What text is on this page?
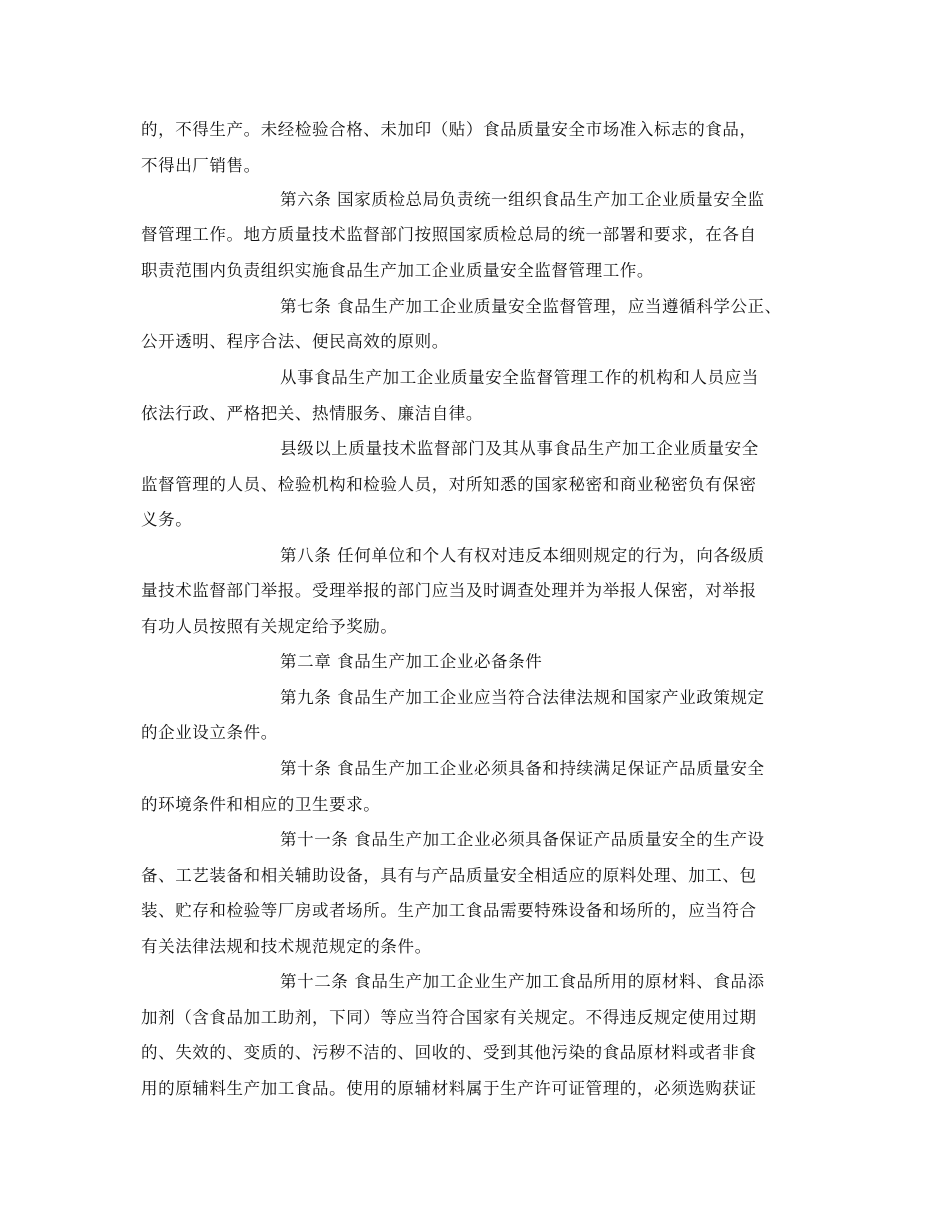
的，不得生产。未经检验合格、未加印（贴）食品质量安全市场准入标志的食品，
不得出厂销售。
第六条 国家质检总局负责统一组织食品生产加工企业质量安全监
督管理工作。地方质量技术监督部门按照国家质检总局的统一部署和要求，在各自
职责范围内负责组织实施食品生产加工企业质量安全监督管理工作。
第七条 食品生产加工企业质量安全监督管理，应当遵循科学公正、
公开透明、程序合法、便民高效的原则。
从事食品生产加工企业质量安全监督管理工作的机构和人员应当
依法行政、严格把关、热情服务、廉洁自律。
县级以上质量技术监督部门及其从事食品生产加工企业质量安全
监督管理的人员、检验机构和检验人员，对所知悉的国家秘密和商业秘密负有保密
义务。
第八条 任何单位和个人有权对违反本细则规定的行为，向各级质
量技术监督部门举报。受理举报的部门应当及时调查处理并为举报人保密，对举报
有功人员按照有关规定给予奖励。
第二章 食品生产加工企业必备条件
第九条 食品生产加工企业应当符合法律法规和国家产业政策规定
的企业设立条件。
第十条 食品生产加工企业必须具备和持续满足保证产品质量安全
的环境条件和相应的卫生要求。
第十一条 食品生产加工企业必须具备保证产品质量安全的生产设
备、工艺装备和相关辅助设备，具有与产品质量安全相适应的原料处理、加工、包
装、贮存和检验等厂房或者场所。生产加工食品需要特殊设备和场所的，应当符合
有关法律法规和技术规范规定的条件。
第十二条 食品生产加工企业生产加工食品所用的原材料、食品添
加剂（含食品加工助剂，下同）等应当符合国家有关规定。不得违反规定使用过期
的、失效的、变质的、污秽不洁的、回收的、受到其他污染的食品原材料或者非食
用的原辅料生产加工食品。使用的原辅材料属于生产许可证管理的，必须选购获证
